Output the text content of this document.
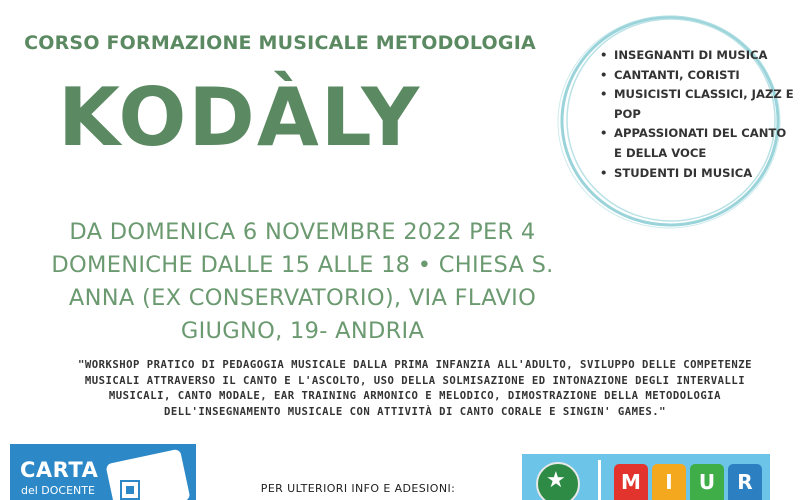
CORSO FORMAZIONE MUSICALE METODOLOGIA
KODÀLY
DA DOMENICA 6 NOVEMBRE 2022 PER 4 DOMENICHE DALLE 15 ALLE 18 • CHIESA S. ANNA (EX CONSERVATORIO), VIA FLAVIO GIUGNO, 19- ANDRIA
• INSEGNANTI DI MUSICA
• CANTANTI, CORISTI
• MUSICISTI CLASSICI, JAZZ E POP
• APPASSIONATI DEL CANTO E DELLA VOCE
• STUDENTI DI MUSICA
"WORKSHOP PRATICO DI PEDAGOGIA MUSICALE DALLA PRIMA INFANZIA ALL'ADULTO, SVILUPPO DELLE COMPETENZE MUSICALI ATTRAVERSO IL CANTO E L'ASCOLTO, USO DELLA SOLMISAZIONE ED INTONAZIONE DEGLI INTERVALLI MUSICALI, CANTO MODALE, EAR TRAINING ARMONICO E MELODICO, DIMOSTRAZIONE DELLA METODOLOGIA DELL'INSEGNAMENTO MUSICALE CON ATTIVITÀ DI CANTO CORALE E SINGIN' GAMES."
CARTA
del DOCENTE	PER ULTERIORI INFO E ADESIONI:	★	M	I	U	R
